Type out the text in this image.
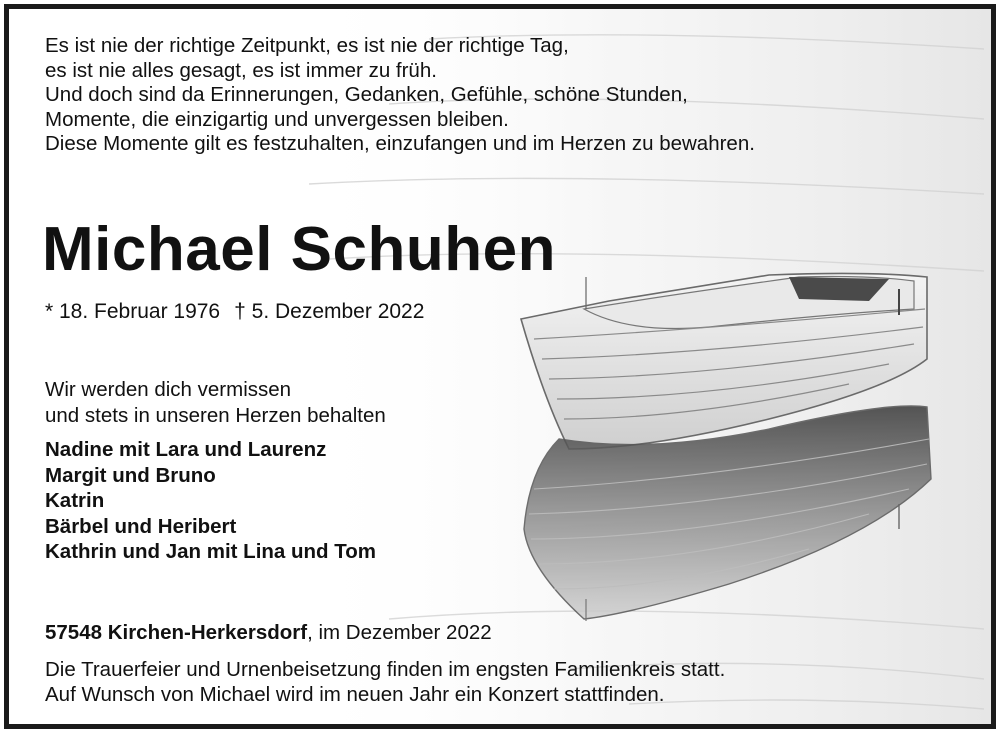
Es ist nie der richtige Zeitpunkt, es ist nie der richtige Tag,
es ist nie alles gesagt, es ist immer zu früh.
Und doch sind da Erinnerungen, Gedanken, Gefühle, schöne Stunden,
Momente, die einzigartig und unvergessen bleiben.
Diese Momente gilt es festzuhalten, einzufangen und im Herzen zu bewahren.
Michael Schuhen
* 18. Februar 1976 † 5. Dezember 2022
Wir werden dich vermissen
und stets in unseren Herzen behalten
Nadine mit Lara und Laurenz
Margit und Bruno
Katrin
Bärbel und Heribert
Kathrin und Jan mit Lina und Tom
57548 Kirchen-Herkersdorf, im Dezember 2022
Die Trauerfeier und Urnenbeisetzung finden im engsten Familienkreis statt.
Auf Wunsch von Michael wird im neuen Jahr ein Konzert stattfinden.
